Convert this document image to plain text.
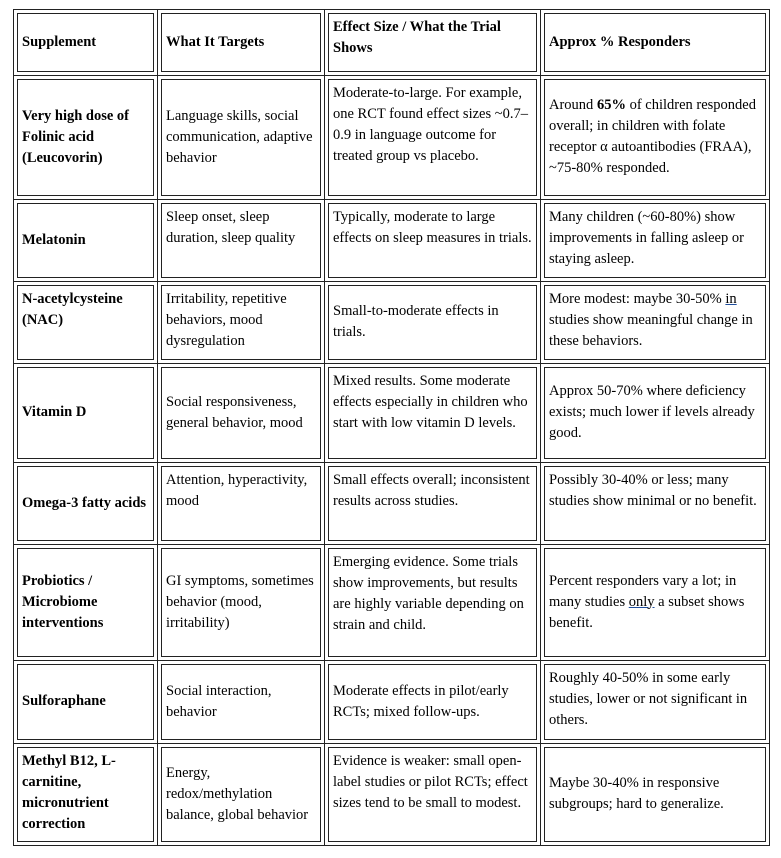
Supplement	What It Targets	Effect Size / What the Trial Shows	Approx % Responders

Very high dose of Folinic acid (Leucovorin)	Language skills, social communication, adaptive behavior	Moderate-to-large. For example, one RCT found effect sizes ~0.7–0.9 in language outcome for treated group vs placebo.	Around 65% of children responded overall; in children with folate receptor α autoantibodies (FRAA), ~75-80% responded.

Melatonin	Sleep onset, sleep duration, sleep quality	Typically, moderate to large effects on sleep measures in trials.	Many children (~60-80%) show improvements in falling asleep or staying asleep.

N-acetylcysteine (NAC)	Irritability, repetitive behaviors, mood dysregulation	Small-to-moderate effects in trials.	More modest: maybe 30-50% in studies show meaningful change in these behaviors.

Vitamin D	Social responsiveness, general behavior, mood	Mixed results. Some moderate effects especially in children who start with low vitamin D levels.	Approx 50-70% where deficiency exists; much lower if levels already good.

Omega-3 fatty acids	Attention, hyperactivity, mood	Small effects overall; inconsistent results across studies.	Possibly 30-40% or less; many studies show minimal or no benefit.

Probiotics / Microbiome interventions	GI symptoms, sometimes behavior (mood, irritability)	Emerging evidence. Some trials show improvements, but results are highly variable depending on strain and child.	Percent responders vary a lot; in many studies only a subset shows benefit.

Sulforaphane	Social interaction, behavior	Moderate effects in pilot/early RCTs; mixed follow-ups.	Roughly 40-50% in some early studies, lower or not significant in others.

Methyl B12, L-carnitine, micronutrient correction	Energy, redox/methylation balance, global behavior	Evidence is weaker: small open-label studies or pilot RCTs; effect sizes tend to be small to modest.	Maybe 30-40% in responsive subgroups; hard to generalize.
